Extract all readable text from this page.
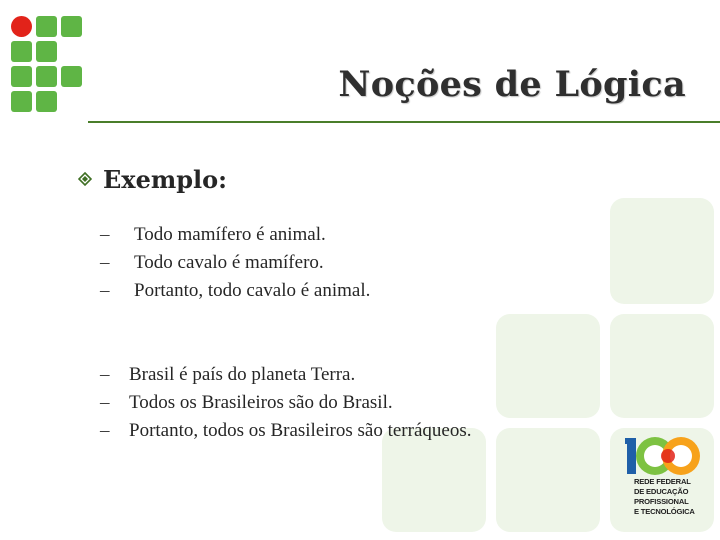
Noções de Lógica
Exemplo:
– Todo mamífero é animal.
– Todo cavalo é mamífero.
– Portanto, todo cavalo é animal.
– Brasil é país do planeta Terra.
– Todos os Brasileiros são do Brasil.
– Portanto, todos os Brasileiros são terráqueos.
REDE FEDERAL
DE EDUCAÇÃO
PROFISSIONAL
E TECNOLÓGICA
